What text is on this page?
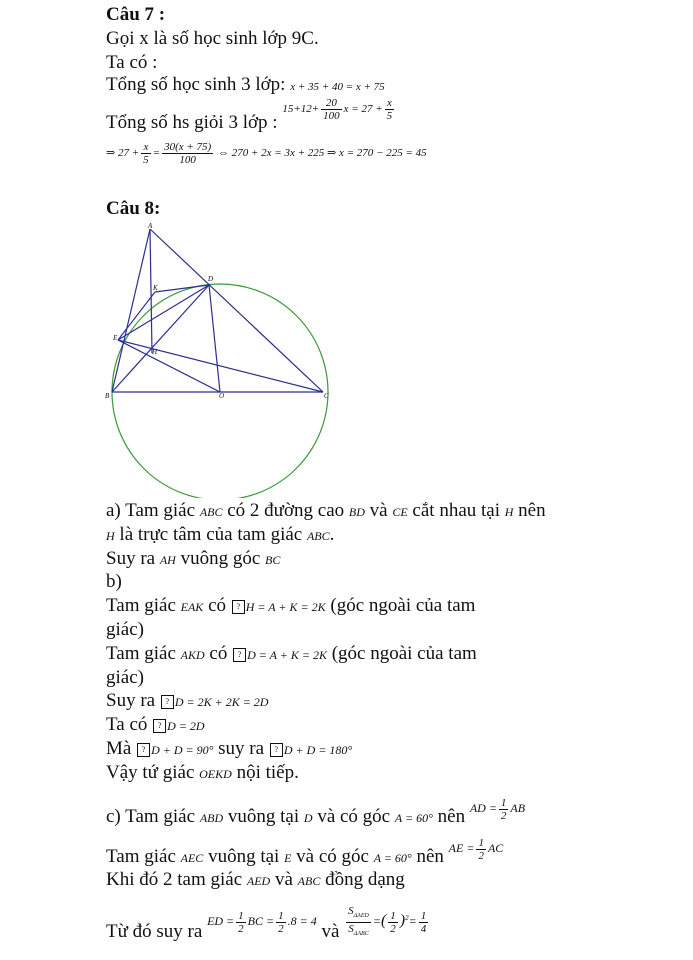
Câu 7 :
Gọi x là số học sinh lớp 9C.
Ta có :
Tổng số học sinh 3 lớp: x + 35 + 40 = x + 75
Tổng số hs giỏi 3 lớp : $15+12+ \frac{20}{100}$ $x = 27 + \frac{x}{5}$
⇒ $27 + \frac{x}{5} = \frac{30(x + 75)}{100}$ ⇔ 270 + 2x = 3x + 225 ⇒ x = 270 − 225 = 45
Câu 8:
A
D
K
E
H
B	O	C
a) Tam giác ABC có 2 đường cao BD và CE cắt nhau tại H nên
H là trực tâm của tam giác ABC.
Suy ra AH vuông góc BC
b)
Tam giác EAK có ? H = A + K = 2K (góc ngoài của tam
giác)
Tam giác AKD có ? D = A + K = 2K (góc ngoài của tam
giác)
Suy ra ? D = 2K + 2K = 2D
Ta có ? D = 2D
Mà ? D + D = 90° suy ra ? D + D = 180°
Vậy tứ giác OEKD nội tiếp.
c) Tam giác ABD vuông tại D và có góc A = 60° nên $^{AD = \frac{1}{2} AB}$
Tam giác AEC vuông tại E và có góc A = 60° nên $^{AE = \frac{1}{2} AC}$
Khi đó 2 tam giác AED và ABC đồng dạng
Từ đó suy ra ED = $\frac{1}{2}$ BC = $\frac{1}{2} .8 = 4$ và $\frac{S_{\Delta AED}}{S_{\Delta ABC}}$ =( $\frac{1}{2} )^2= \frac{1}{4}$
